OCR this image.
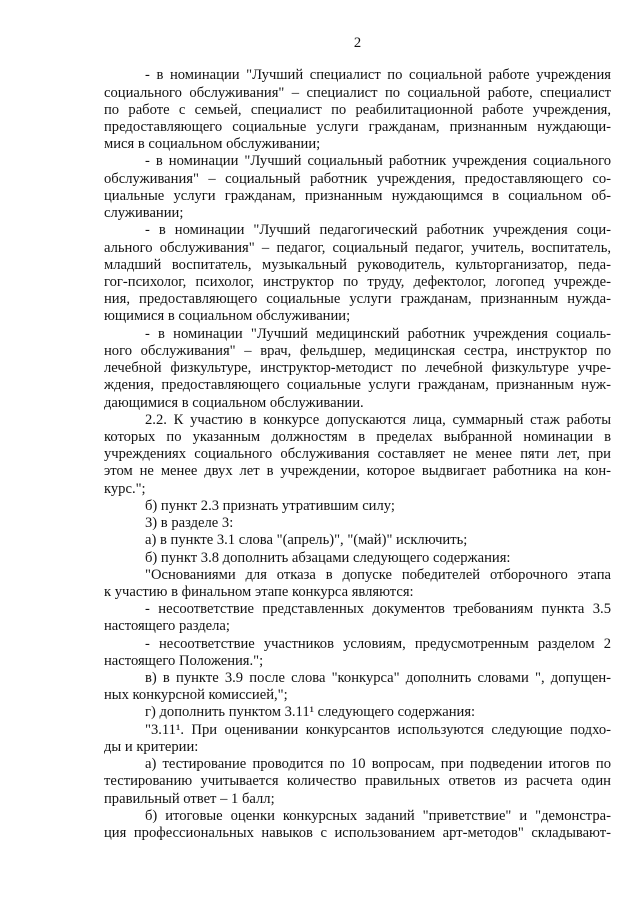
2
- в номинации "Лучший специалист по социальной работе учреждения
социального обслуживания" – специалист по социальной работе, специалист
по работе с семьей, специалист по реабилитационной работе учреждения,
предоставляющего социальные услуги гражданам, признанным нуждающи-
мися в социальном обслуживании;
- в номинации "Лучший социальный работник учреждения социального
обслуживания" – социальный работник учреждения, предоставляющего со-
циальные услуги гражданам, признанным нуждающимся в социальном об-
служивании;
- в номинации "Лучший педагогический работник учреждения соци-
ального обслуживания" – педагог, социальный педагог, учитель, воспитатель,
младший воспитатель, музыкальный руководитель, культорганизатор, педа-
гог-психолог, психолог, инструктор по труду, дефектолог, логопед учрежде-
ния, предоставляющего социальные услуги гражданам, признанным нужда-
ющимися в социальном обслуживании;
- в номинации "Лучший медицинский работник учреждения социаль-
ного обслуживания" – врач, фельдшер, медицинская сестра, инструктор по
лечебной физкультуре, инструктор-методист по лечебной физкультуре учре-
ждения, предоставляющего социальные услуги гражданам, признанным нуж-
дающимися в социальном обслуживании.
2.2. К участию в конкурсе допускаются лица, суммарный стаж работы
которых по указанным должностям в пределах выбранной номинации в
учреждениях социального обслуживания составляет не менее пяти лет, при
этом не менее двух лет в учреждении, которое выдвигает работника на кон-
курс.";
б) пункт 2.3 признать утратившим силу;
3) в разделе 3:
а) в пункте 3.1 слова "(апрель)", "(май)" исключить;
б) пункт 3.8 дополнить абзацами следующего содержания:
"Основаниями для отказа в допуске победителей отборочного этапа
к участию в финальном этапе конкурса являются:
- несоответствие представленных документов требованиям пункта 3.5
настоящего раздела;
- несоответствие участников условиям, предусмотренным разделом 2
настоящего Положения.";
в) в пункте 3.9 после слова "конкурса" дополнить словами ", допущен-
ных конкурсной комиссией,";
г) дополнить пунктом 3.11¹ следующего содержания:
"3.11¹. При оценивании конкурсантов используются следующие подхо-
ды и критерии:
а) тестирование проводится по 10 вопросам, при подведении итогов по
тестированию учитывается количество правильных ответов из расчета один
правильный ответ – 1 балл;
б) итоговые оценки конкурсных заданий "приветствие" и "демонстра-
ция профессиональных навыков с использованием арт-методов" складывают-
